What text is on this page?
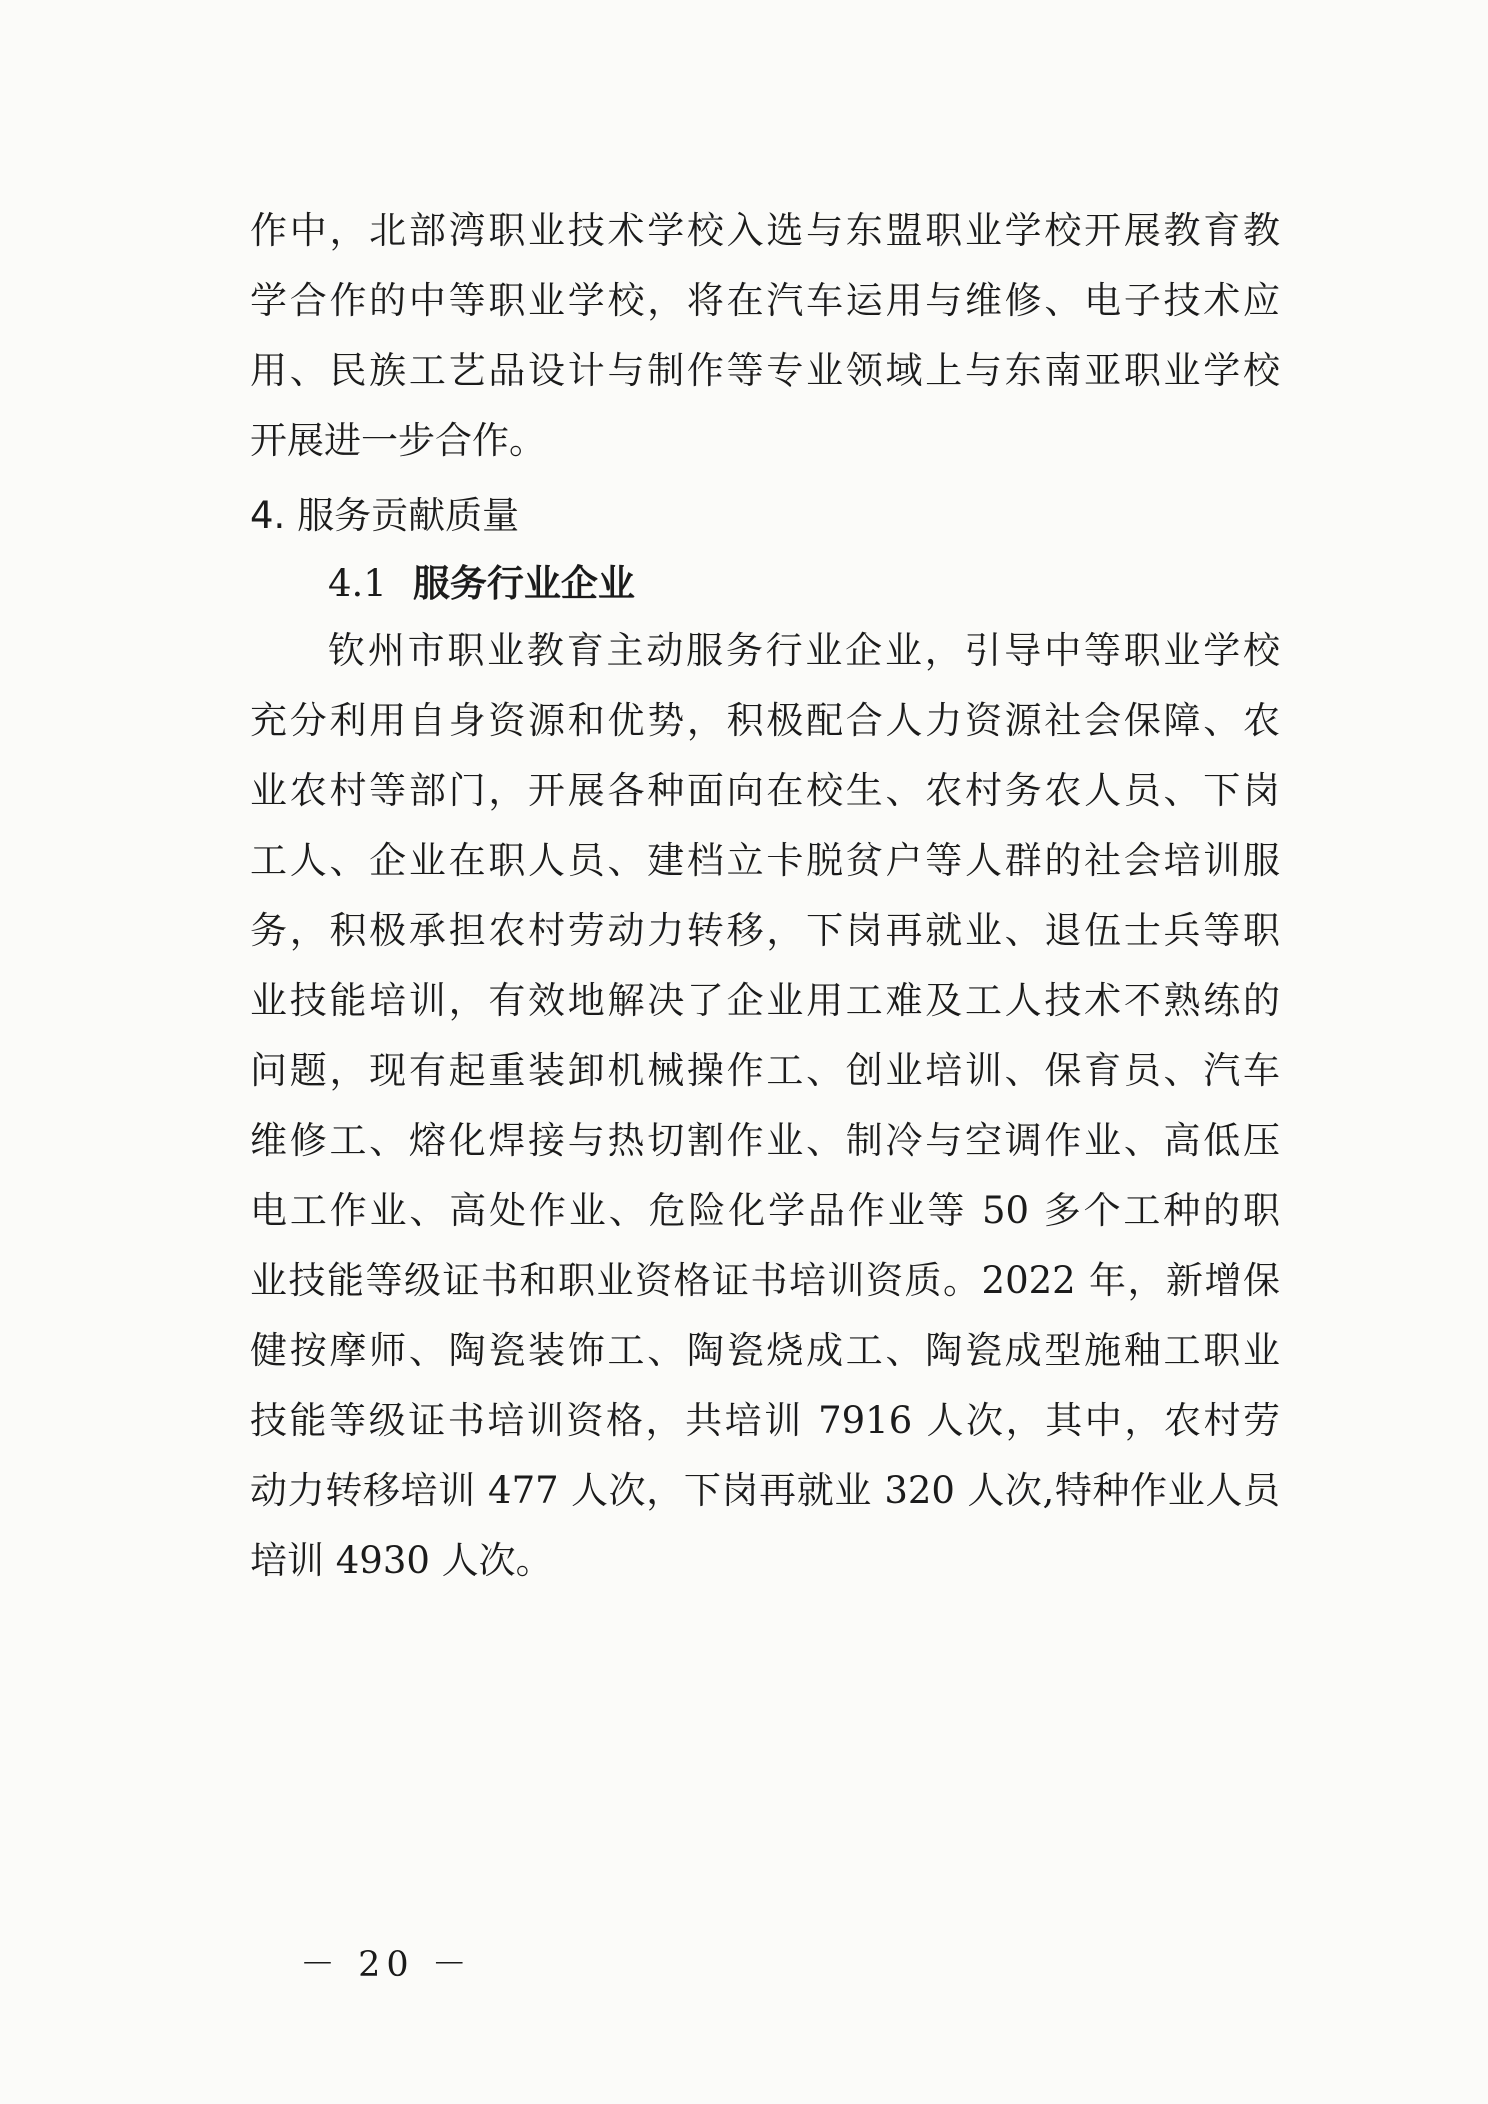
作中，北部湾职业技术学校入选与东盟职业学校开展教育教
学合作的中等职业学校，将在汽车运用与维修、电子技术应
用、民族工艺品设计与制作等专业领域上与东南亚职业学校
开展进一步合作。
4. 服务贡献质量
4.1 服务行业企业
钦州市职业教育主动服务行业企业，引导中等职业学校
充分利用自身资源和优势，积极配合人力资源社会保障、农
业农村等部门，开展各种面向在校生、农村务农人员、下岗
工人、企业在职人员、建档立卡脱贫户等人群的社会培训服
务，积极承担农村劳动力转移，下岗再就业、退伍士兵等职
业技能培训，有效地解决了企业用工难及工人技术不熟练的
问题，现有起重装卸机械操作工、创业培训、保育员、汽车
维修工、熔化焊接与热切割作业、制冷与空调作业、高低压
电工作业、高处作业、危险化学品作业等 50 多个工种的职
业技能等级证书和职业资格证书培训资质。2022 年，新增保
健按摩师、陶瓷装饰工、陶瓷烧成工、陶瓷成型施釉工职业
技能等级证书培训资格，共培训 7916 人次，其中，农村劳
动力转移培训 477 人次，下岗再就业 320 人次,特种作业人员
培训 4930 人次。
－ 20 －
